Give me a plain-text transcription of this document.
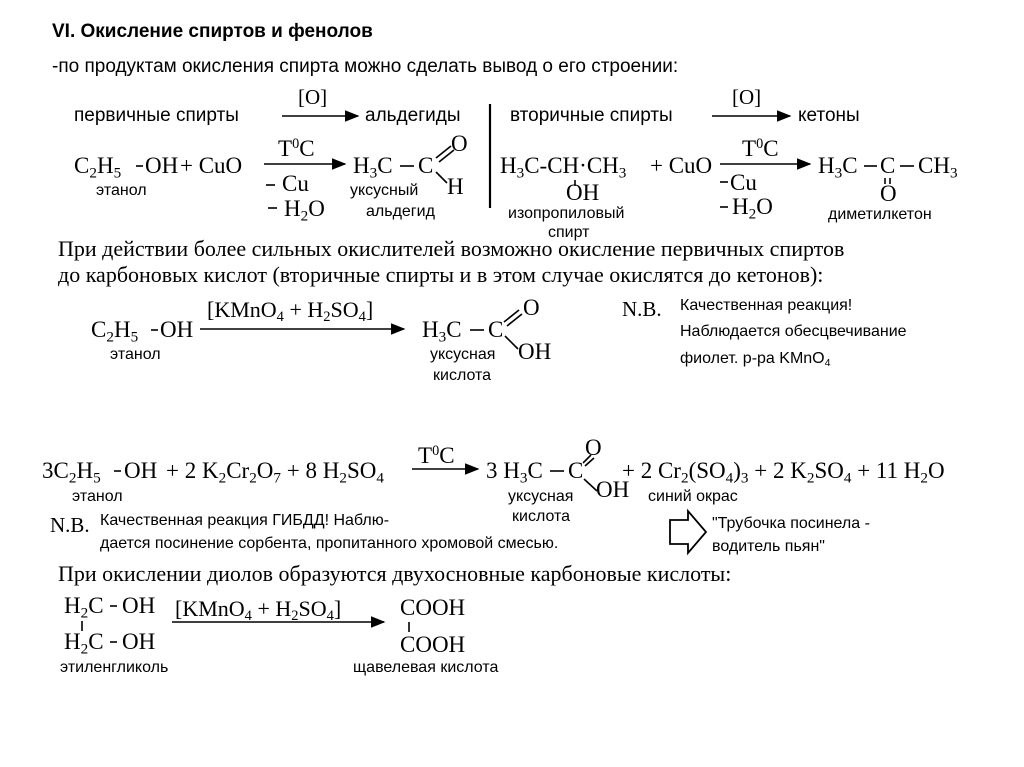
VI. Окисление спиртов и фенолов
-по продуктам окисления спирта можно сделать вывод о его строении:
первичные спирты
[O]
альдегиды
$C_2H_5$ OH + CuO
$T^0C$
Cu
$H_2O$
$H_3C$ C
O
H
этанол	уксусный
альдегид
вторичные спирты
[O]
кетоны
$H_3C-CH\cdot CH_3$
OH
+ CuO
$T^0C$
Cu
$H_2O$
$H_3C$ C $CH_3$
O
изопропиловый
спирт
диметилкетон
При действии более сильных окислителей возможно окисление первичных спиртов
до карбоновых кислот (вторичные спирты и в этом случае окислятся до кетонов):
$C_2H_5$ OH
[KMnO$_4$ + $H_2SO_4$]
$H_3C$ C
O
OH
этанол	уксусная
кислота
N.B. Качественная реакция!
Наблюдается обесцвечивание
фиолет. р-ра KMnO$_4$
$3C_2H_5$ OH + 2 $K_2Cr_2O_7 + 8$ $H_2SO_4$
$T^0C$
3 $H_3C$ C
O
OH
+ 2 $Cr_2(SO_4)_3 + 2$ $K_2SO_4 + 11$ $H_2O$
этанол	уксусная
кислота
синий окрас
N.B. Качественная реакция ГИБДД! Наблю-
дается посинение сорбента, пропитанного хромовой смесью.
"Трубочка посинела -
водитель пьян"
При окислении диолов образуются двухосновные карбоновые кислоты:
$H_2C$ OH
$H_2C$ OH
[KMnO$_4$ + $H_2SO_4$]	COOH
COOH
этиленгликоль	щавелевая кислота
